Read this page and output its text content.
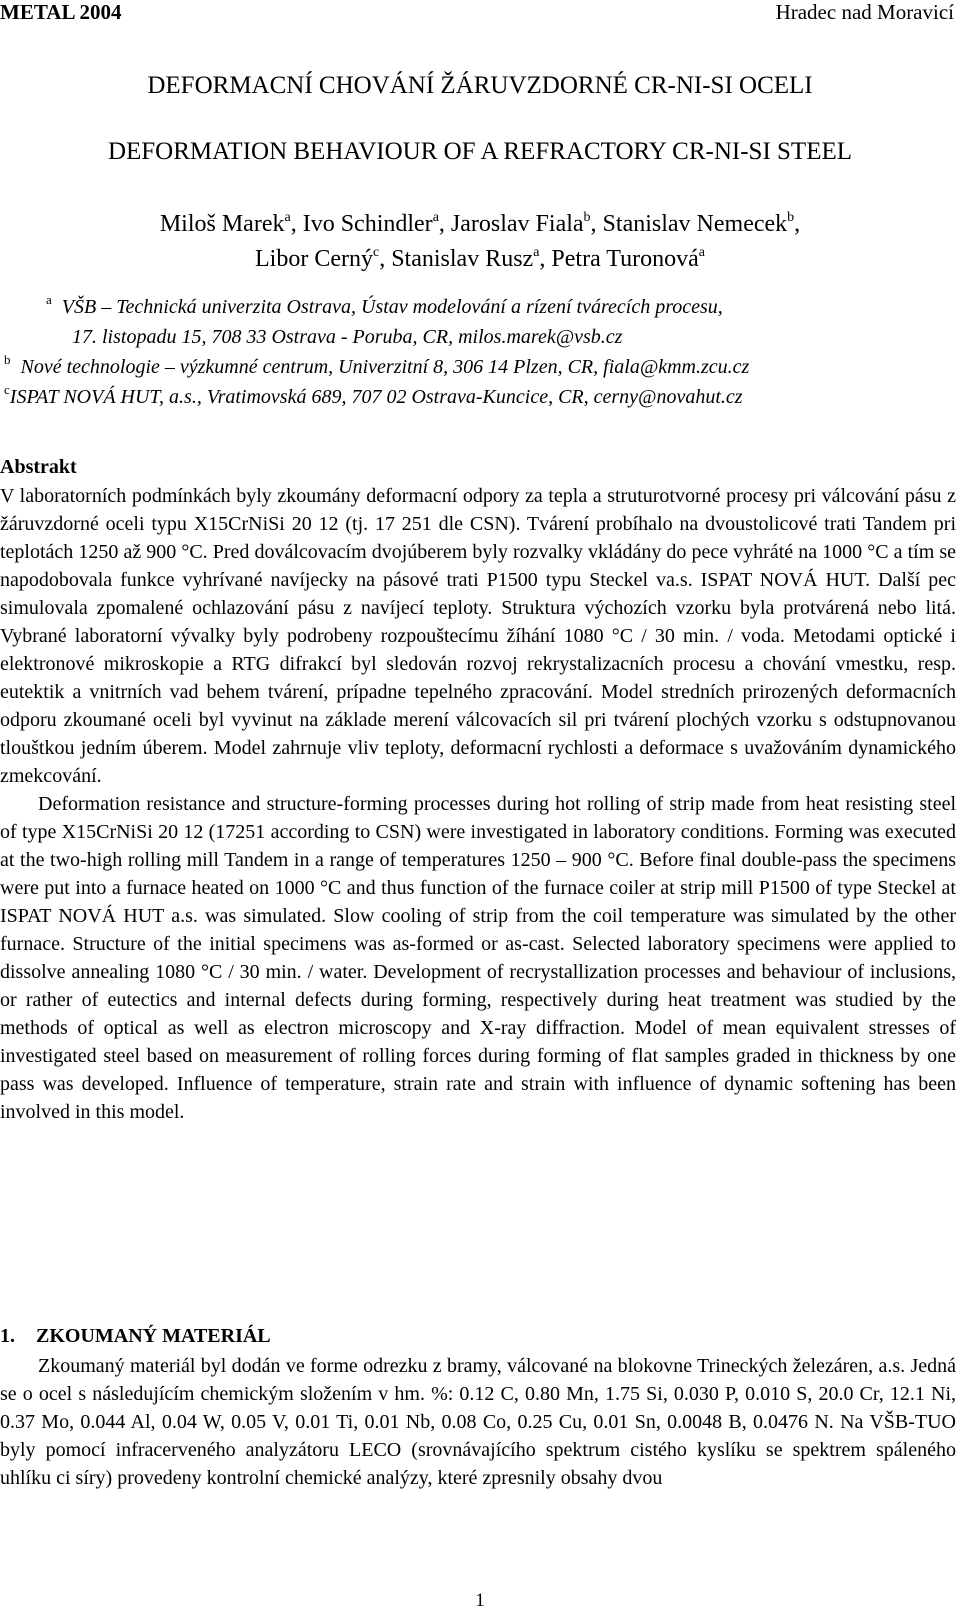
METAL 2004	Hradec nad Moravicí
DEFORMACNÍ CHOVÁNÍ ŽÁRUVZDORNÉ CR-NI-SI OCELI
DEFORMATION BEHAVIOUR OF A REFRACTORY CR-NI-SI STEEL
Miloš Marek$^a$, Ivo Schindler$^a$, Jaroslav Fiala$^b$, Stanislav Nemecek$^b$,
Libor Cerný$^c$, Stanislav Rusz$^a$, Petra Turonová$^a$
$^a$ VŠB – Technická univerzita Ostrava, Ústav modelování a rízení tvárecích procesu,
17. listopadu 15, 708 33 Ostrava - Poruba, CR, milos.marek@vsb.cz
$^b$ Nové technologie – výzkumné centrum, Univerzitní 8, 306 14 Plzen, CR, fiala@kmm.zcu.cz
$^c$ISPAT NOVÁ HUT, a.s., Vratimovská 689, 707 02 Ostrava-Kuncice, CR, cerny@novahut.cz
Abstrakt

V laboratorních podmínkách byly zkoumány deformacní odpory za tepla a struturotvorné procesy pri válcování pásu z žáruvzdorné oceli typu X15CrNiSi 20 12 (tj. 17 251 dle CSN). Tvárení probíhalo na dvoustolicové trati Tandem pri teplotách 1250 až 900 °C. Pred doválcovacím dvojúberem byly rozvalky vkládány do pece vyhráté na 1000 °C a tím se napodobovala funkce vyhrívané navíjecky na pásové trati P1500 typu Steckel va.s. ISPAT NOVÁ HUT. Další pec simulovala zpomalené ochlazování pásu z navíjecí teploty. Struktura výchozích vzorku byla protvárená nebo litá. Vybrané laboratorní vývalky byly podrobeny rozpouštecímu žíhání 1080 °C / 30 min. / voda. Metodami optické i elektronové mikroskopie a RTG difrakcí byl sledován rozvoj rekrystalizacních procesu a chování vmestku, resp. eutektik a vnitrních vad behem tvárení, prípadne tepelného zpracování. Model stredních prirozených deformacních odporu zkoumané oceli byl vyvinut na základe merení válcovacích sil pri tvárení plochých vzorku s odstupnovanou tlouštkou jedním úberem. Model zahrnuje vliv teploty, deformacní rychlosti a deformace s uvažováním dynamického zmekcování.

Deformation resistance and structure-forming processes during hot rolling of strip made from heat resisting steel of type X15CrNiSi 20 12 (17251 according to CSN) were investigated in laboratory conditions. Forming was executed at the two-high rolling mill Tandem in a range of temperatures 1250 – 900 °C. Before final double-pass the specimens were put into a furnace heated on 1000 °C and thus function of the furnace coiler at strip mill P1500 of type Steckel at ISPAT NOVÁ HUT a.s. was simulated. Slow cooling of strip from the coil temperature was simulated by the other furnace. Structure of the initial specimens was as-formed or as-cast. Selected laboratory specimens were applied to dissolve annealing 1080 °C / 30 min. / water. Development of recrystallization processes and behaviour of inclusions, or rather of eutectics and internal defects during forming, respectively during heat treatment was studied by the methods of optical as well as electron microscopy and X-ray diffraction. Model of mean equivalent stresses of investigated steel based on measurement of rolling forces during forming of flat samples graded in thickness by one pass was developed. Influence of temperature, strain rate and strain with influence of dynamic softening has been involved in this model.

1. ZKOUMANÝ MATERIÁL

Zkoumaný materiál byl dodán ve forme odrezku z bramy, válcované na blokovne Trineckých železáren, a.s. Jedná se o ocel s následujícím chemickým složením v hm. %: 0.12 C, 0.80 Mn, 1.75 Si, 0.030 P, 0.010 S, 20.0 Cr, 12.1 Ni, 0.37 Mo, 0.044 Al, 0.04 W, 0.05 V, 0.01 Ti, 0.01 Nb, 0.08 Co, 0.25 Cu, 0.01 Sn, 0.0048 B, 0.0476 N. Na VŠB-TUO byly pomocí infracerveného analyzátoru LECO (srovnávajícího spektrum cistého kyslíku se spektrem spáleného uhlíku ci síry) provedeny kontrolní chemické analýzy, které zpresnily obsahy dvou

1
